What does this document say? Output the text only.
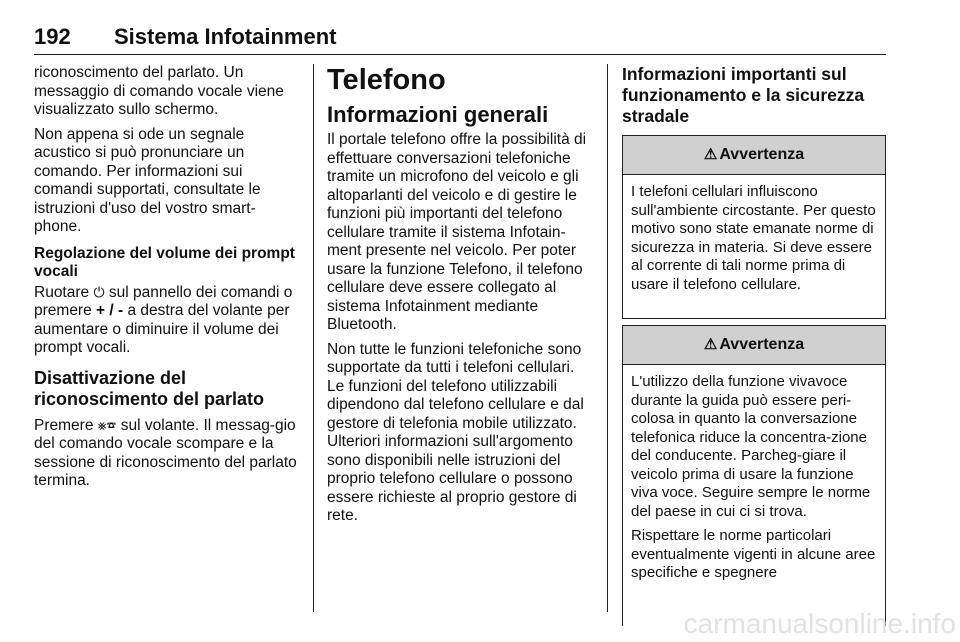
192 Sistema Infotainment

riconoscimento del parlato. Un messaggio di comando vocale viene visualizzato sullo schermo.

Non appena si ode un segnale acustico si può pronunciare un comando. Per informazioni sui comandi supportati, consultate le istruzioni d'uso del vostro smart-phone.

Regolazione del volume dei prompt vocali

Ruotare ⏻ sul pannello dei comandi o premere + / - a destra del volante per aumentare o diminuire il volume dei prompt vocali.

Disattivazione del riconoscimento del parlato

Premere ⨳☎ sul volante. Il messag-gio del comando vocale scompare e la sessione di riconoscimento del parlato termina.

Telefono
Informazioni generali

Il portale telefono offre la possibilità di effettuare conversazioni telefoniche tramite un microfono del veicolo e gli altoparlanti del veicolo e di gestire le funzioni più importanti del telefono cellulare tramite il sistema Infotain-ment presente nel veicolo. Per poter usare la funzione Telefono, il telefono cellulare deve essere collegato al sistema Infotainment mediante Bluetooth.

Non tutte le funzioni telefoniche sono supportate da tutti i telefoni cellulari. Le funzioni del telefono utilizzabili dipendono dal telefono cellulare e dal gestore di telefonia mobile utilizzato. Ulteriori informazioni sull'argomento sono disponibili nelle istruzioni del proprio telefono cellulare o possono essere richieste al proprio gestore di rete.

Informazioni importanti sul funzionamento e la sicurezza stradale
⚠ Avvertenza

I telefoni cellulari influiscono sull'ambiente circostante. Per questo motivo sono state emanate norme di sicurezza in materia. Si deve essere al corrente di tali norme prima di usare il telefono cellulare.

⚠ Avvertenza

L'utilizzo della funzione vivavoce durante la guida può essere peri-colosa in quanto la conversazione telefonica riduce la concentra-zione del conducente. Parcheg-giare il veicolo prima di usare la funzione viva voce. Seguire sempre le norme del paese in cui ci si trova.

Rispettare le norme particolari eventualmente vigenti in alcune aree specifiche e spegnere

carmanualsonline.info
